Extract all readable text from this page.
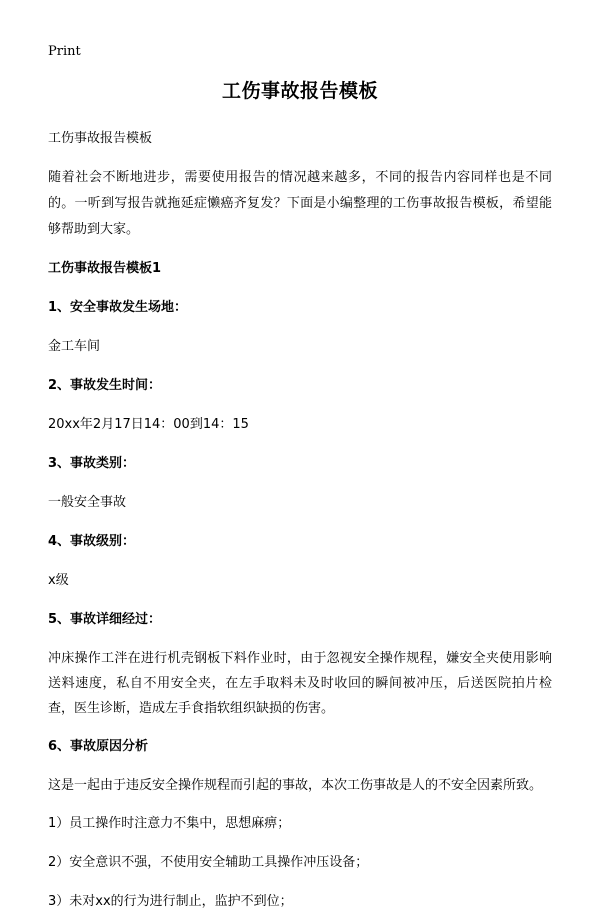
Print
工伤事故报告模板

工伤事故报告模板

随着社会不断地进步，需要使用报告的情况越来越多，不同的报告内容同样也是不同的。一听到写报告就拖延症懒癌齐复发？下面是小编整理的工伤事故报告模板，希望能够帮助到大家。

工伤事故报告模板1

1、安全事故发生场地：

金工车间

2、事故发生时间：

20xx年2月17日14：00到14：15

3、事故类别：

一般安全事故

4、事故级别：

x级

5、事故详细经过：

冲床操作工泮在进行机壳钢板下料作业时，由于忽视安全操作规程，嫌安全夹使用影响送料速度，私自不用安全夹，在左手取料未及时收回的瞬间被冲压，后送医院拍片检查，医生诊断，造成左手食指软组织缺损的伤害。

6、事故原因分析

这是一起由于违反安全操作规程而引起的事故，本次工伤事故是人的不安全因素所致。

1）员工操作时注意力不集中，思想麻痹；

2）安全意识不强，不使用安全辅助工具操作冲压设备；

3）未对xx的行为进行制止，监护不到位；
